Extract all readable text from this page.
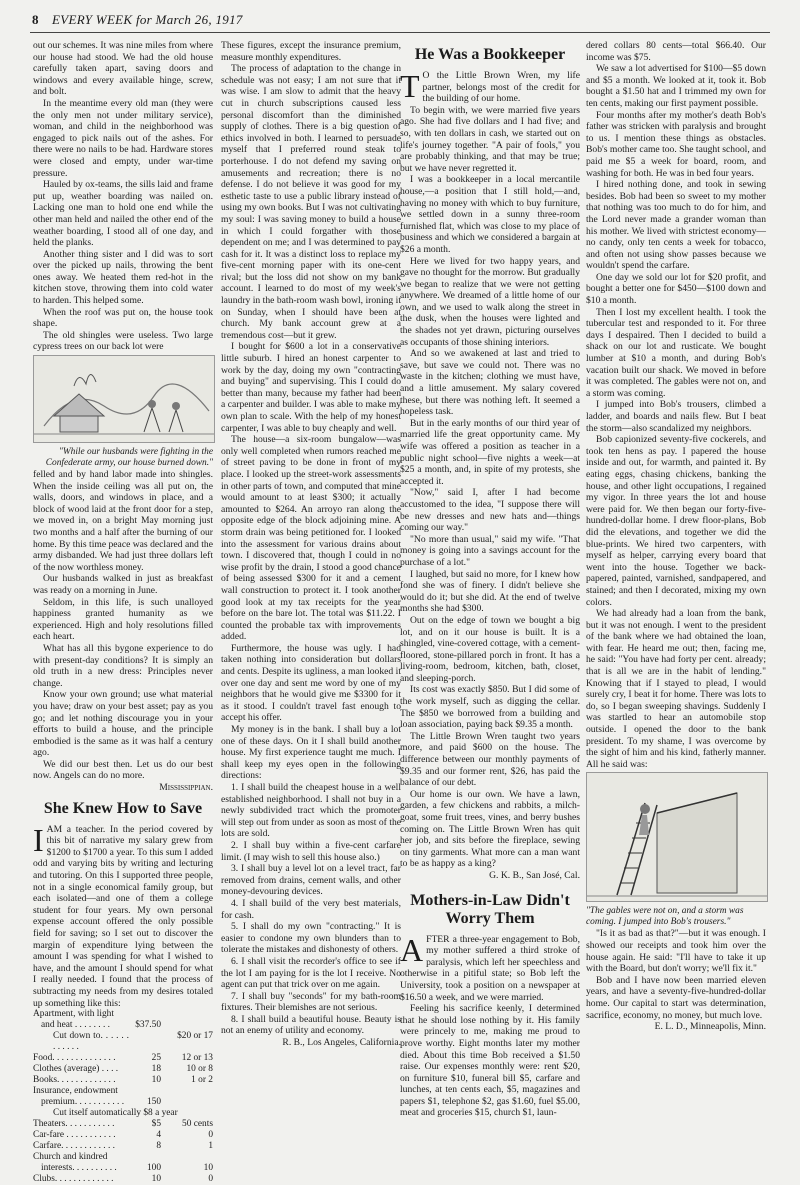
8 EVERY WEEK for March 26, 1917

out our schemes. It was nine miles from where our house had stood. We had the old house carefully taken apart, saving doors and windows and every available hinge, screw, and bolt.

In the meantime every old man (they were the only men not under military service), woman, and child in the neighborhood was engaged to pick nails out of the ashes. For there were no nails to be had. Hardware stores were closed and empty, under war-time pressure.

Hauled by ox-teams, the sills laid and frame put up, weather boarding was nailed on. Lacking one man to hold one end while the other man held and nailed the other end of the weather boarding, I stood all of one day, and held the planks.

Another thing sister and I did was to sort over the picked up nails, throwing the bent ones away. We heated them red-hot in the kitchen stove, throwing them into cold water to harden. This helped some.

When the roof was put on, the house took shape.

The old shingles were useless. Two large cypress trees on our back lot were

"While our husbands were fighting in the Confederate army, our house burned down."

felled and by hand labor made into shingles. When the inside ceiling was all put on, the walls, doors, and windows in place, and a block of wood laid at the front door for a step, we moved in, on a bright May morning just two months and a half after the burning of our home. By this time peace was declared and the army disbanded. We had just three dollars left of the now worthless money.

Our husbands walked in just as breakfast was ready on a morning in June.

Seldom, in this life, is such unalloyed happiness granted humanity as we experienced. High and holy resolutions filled each heart.

What has all this bygone experience to do with present-day conditions? It is simply an old truth in a new dress: Principles never change.

Know your own ground; use what material you have; draw on your best asset; pay as you go; and let nothing discourage you in your efforts to build a house, and the principle embodied is the same as it was half a century ago.

We did our best then. Let us do our best now. Angels can do no more.

Mississippian.

She Knew How to Save

IAM a teacher. In the period covered by this bit of narrative my salary grew from $1200 to $1700 a year. To this sum I added odd and varying bits by writing and lecturing and tutoring. On this I supported three people, not in a single economical family group, but each isolated—and one of them a college student for four years. My own personal expense account offered the only possible field for saving; so I set out to discover the margin of expenditure lying between the amount I was spending for what I wished to have, and the amount I should spend for what I really needed. I found that the process of subtracting my needs from my desires totaled up something like this:

Apartment, with light		
and heat . . . . . . . .	$37.50	
Cut down to. . . . . . . . . . . .		$20 or 17
Food. . . . . . . . . . . . . .	25	12 or 13
Clothes (average) . . . .	18	10 or 8
Books. . . . . . . . . . . . .	10	1 or 2
Insurance, endowment		
premium. . . . . . . . . . .	150	
Cut itself automatically $8 a year		
Theaters. . . . . . . . . . .	$5	50 cents
Car-fare . . . . . . . . . . .	4	0
Carfare. . . . . . . . . . . .	8	1
Church and kindred		
interests. . . . . . . . . .	100	10
Clubs. . . . . . . . . . . . .	10	0

These figures, except the insurance premium, measure monthly expenditures.

The process of adaptation to the change in schedule was not easy; I am not sure that it was wise. I am slow to admit that the heavy cut in church subscriptions caused less personal discomfort than the diminished supply of clothes. There is a big question of ethics involved in both. I learned to persuade myself that I preferred round steak to porterhouse. I do not defend my saving on amusements and recreation; there is no defense. I do not believe it was good for my esthetic taste to use a public library instead of using my own books. But I was not cultivating my soul: I was saving money to build a house in which I could forgather with those dependent on me; and I was determined to pay cash for it. It was a distinct loss to replace my five-cent morning paper with its one-cent rival; but the loss did not show on my bank account. I learned to do most of my week's laundry in the bath-room wash bowl, ironing it on Sunday, when I should have been at church. My bank account grew at a tremendous cost—but it grew.

I bought for $600 a lot in a conservative little suburb. I hired an honest carpenter to work by the day, doing my own "contracting and buying" and supervising. This I could do better than many, because my father had been a carpenter and builder. I was able to make my own plan to scale. With the help of my honest carpenter, I was able to buy cheaply and well.

The house—a six-room bungalow—was only well completed when rumors reached me of street paving to be done in front of my place. I looked up the street-work assessments in other parts of town, and computed that mine would amount to at least $300; it actually amounted to $264. An arroyo ran along the opposite edge of the block adjoining mine. A storm drain was being petitioned for. I looked into the assessment for various drains about town. I discovered that, though I could in no wise profit by the drain, I stood a good chance of being assessed $300 for it and a cement wall construction to protect it. I took another good look at my tax receipts for the year before on the bare lot. The total was $11.22. I counted the probable tax with improvements added.

Furthermore, the house was ugly. I had taken nothing into consideration but dollars and cents. Despite its ugliness, a man looked it over one day and sent me word by one of my neighbors that he would give me $3300 for it as it stood. I couldn't travel fast enough to accept his offer.

My money is in the bank. I shall buy a lot one of these days. On it I shall build another house. My first experience taught me much. I shall keep my eyes open in the following directions:

1. I shall build the cheapest house in a well established neighborhood. I shall not buy in a newly subdivided tract which the promoter will step out from under as soon as most of the lots are sold.

2. I shall buy within a five-cent carfare limit. (I may wish to sell this house also.)

3. I shall buy a level lot on a level tract, far removed from drains, cement walls, and other money-devouring devices.

4. I shall build of the very best materials, for cash.

5. I shall do my own "contracting." It is easier to condone my own blunders than to tolerate the mistakes and dishonesty of others.

6. I shall visit the recorder's office to see if the lot I am paying for is the lot I receive. No agent can put that trick over on me again.

7. I shall buy "seconds" for my bath-room fixtures. Their blemishes are not serious.

8. I shall build a beautiful house. Beauty is not an enemy of utility and economy.

R. B., Los Angeles, California.

He Was a Bookkeeper

T O the Little Brown Wren, my life partner, belongs most of the credit for the building of our home.

To begin with, we were married five years ago. She had five dollars and I had five; and so, with ten dollars in cash, we started out on life's journey together. "A pair of fools," you are probably thinking, and that may be true; but we have never regretted it.

I was a bookkeeper in a local mercantile house,—a position that I still hold,—and, having no money with which to buy furniture, we settled down in a sunny three-room furnished flat, which was close to my place of business and which we considered a bargain at $26 a month.

Here we lived for two happy years, and gave no thought for the morrow. But gradually we began to realize that we were not getting anywhere. We dreamed of a little home of our own, and we used to walk along the street in the dusk, when the houses were lighted and the shades not yet drawn, picturing ourselves as occupants of those shining interiors.

And so we awakened at last and tried to save, but save we could not. There was no waste in the kitchen; clothing we must have, and a little amusement. My salary covered these, but there was nothing left. It seemed a hopeless task.

But in the early months of our third year of married life the great opportunity came. My wife was offered a position as teacher in a public night school—five nights a week—at $25 a month, and, in spite of my protests, she accepted it.

"Now," said I, after I had become accustomed to the idea, "I suppose there will be new dresses and new hats and—things coming our way."

"No more than usual," said my wife. "That money is going into a savings account for the purchase of a lot."

I laughed, but said no more, for I knew how fond she was of finery. I didn't believe she would do it; but she did. At the end of twelve months she had $300.

Out on the edge of town we bought a big lot, and on it our house is built. It is a shingled, vine-covered cottage, with a cement-floored, stone-pillared porch in front. It has a living-room, bedroom, kitchen, bath, closet, and sleeping-porch.

Its cost was exactly $850. But I did some of the work myself, such as digging the cellar. The $850 we borrowed from a building and loan association, paying back $9.35 a month.

The Little Brown Wren taught two years more, and paid $600 on the house. The difference between our monthly payments of $9.35 and our former rent, $26, has paid the balance of our debt.

Our home is our own. We have a lawn, garden, a few chickens and rabbits, a milch-goat, some fruit trees, vines, and berry bushes coming on. The Little Brown Wren has quit her job, and sits before the fireplace, sewing on tiny garments. What more can a man want to be as happy as a king?

G. K. B., San José, Cal.

Mothers-in-Law Didn't Worry Them

AFTER a three-year engagement to Bob, my mother suffered a third stroke of paralysis, which left her speechless and otherwise in a pitiful state; so Bob left the University, took a position on a newspaper at $16.50 a week, and we were married.

Feeling his sacrifice keenly, I determined that he should lose nothing by it. His family were princely to me, making me proud to prove worthy. Eight months later my mother died. About this time Bob received a $1.50 raise. Our expenses monthly were: rent $20, on furniture $10, funeral bill $5, carfare and lunches, at ten cents each, $5, magazines and papers $1, telephone $2, gas $1.60, fuel $5.00, meat and groceries $15, church $1, laun-

dered collars 80 cents—total $66.40. Our income was $75.

We saw a lot advertised for $100—$5 down and $5 a month. We looked at it, took it. Bob bought a $1.50 hat and I trimmed my own for ten cents, making our first payment possible.

Four months after my mother's death Bob's father was stricken with paralysis and brought to us. I mention these things as obstacles. Bob's mother came too. She taught school, and paid me $5 a week for board, room, and washing for both. He was in bed four years.

I hired nothing done, and took in sewing besides. Bob had been so sweet to my mother that nothing was too much to do for him, and the Lord never made a grander woman than his mother. We lived with strictest economy—no candy, only ten cents a week for tobacco, and often not using show passes because we wouldn't spend the carfare.

One day we sold our lot for $20 profit, and bought a better one for $450—$100 down and $10 a month.

Then I lost my excellent health. I took the tubercular test and responded to it. For three days I despaired. Then I decided to build a shack on our lot and rusticate. We bought lumber at $10 a month, and during Bob's vacation built our shack. We moved in before it was completed. The gables were not on, and a storm was coming.

I jumped into Bob's trousers, climbed a ladder, and boards and nails flew. But I beat the storm—also scandalized my neighbors.

Bob capionized seventy-five cockerels, and took ten hens as pay. I papered the house inside and out, for warmth, and painted it. By eating eggs, chasing chickens, banking the house, and other light occupations, I regained my vigor. In three years the lot and house were paid for. We then began our forty-five-hundred-dollar home. I drew floor-plans, Bob did the elevations, and together we did the blue-prints. We hired two carpenters, with myself as helper, carrying every board that went into the house. Together we back-papered, painted, varnished, sandpapered, and stained; and then I decorated, mixing my own colors.

We had already had a loan from the bank, but it was not enough. I went to the president of the bank where we had obtained the loan, with fear. He heard me out; then, facing me, he said: "You have had forty per cent. already; that is all we are in the habit of lending." Knowing that if I stayed to plead, I would surely cry, I beat it for home. There was lots to do, so I began sweeping shavings. Suddenly I was startled to hear an automobile stop outside. I opened the door to the bank president. To my shame, I was overcome by the sight of him and his kind, fatherly manner. All he said was:

"The gables were not on, and a storm was coming. I jumped into Bob's trousers."

"Is it as bad as that?"—but it was enough. I showed our receipts and took him over the house again. He said: "I'll have to take it up with the Board, but don't worry; we'll fix it."

Bob and I have now been married eleven years, and have a seventy-five-hundred-dollar home. Our capital to start was determination, sacrifice, economy, no money, but much love.

E. L. D., Minneapolis, Minn.
